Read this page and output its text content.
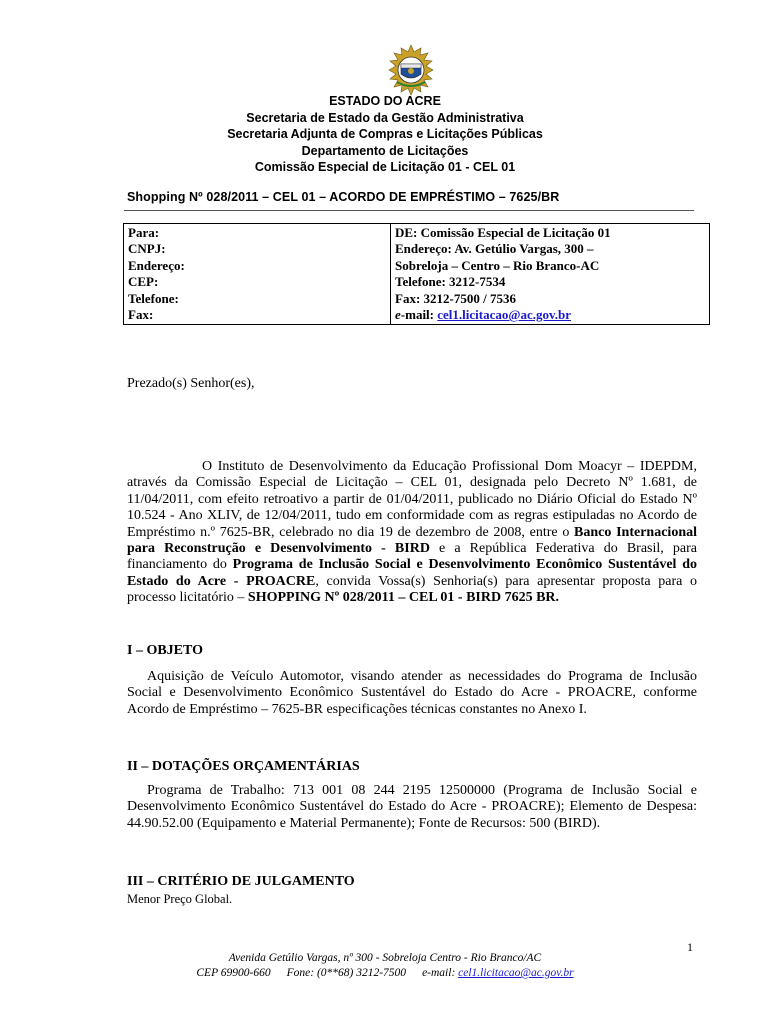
ESTADO DO ACRE
Secretaria de Estado da Gestão Administrativa
Secretaria Adjunta de Compras e Licitações Públicas
Departamento de Licitações
Comissão Especial de Licitação 01 - CEL 01
Shopping Nº 028/2011 – CEL 01 – ACORDO DE EMPRÉSTIMO – 7625/BR
Para:
CNPJ:
Endereço:
CEP:
Telefone:
Fax:
DE: Comissão Especial de Licitação 01
Endereço: Av. Getúlio Vargas, 300 –
Sobreloja – Centro – Rio Branco-AC
Telefone: 3212-7534
Fax: 3212-7500 / 7536
e-mail: cel1.licitacao@ac.gov.br
Prezado(s) Senhor(es),
O Instituto de Desenvolvimento da Educação Profissional Dom Moacyr – IDEPDM, através da Comissão Especial de Licitação – CEL 01, designada pelo Decreto Nº 1.681, de 11/04/2011, com efeito retroativo a partir de 01/04/2011, publicado no Diário Oficial do Estado Nº 10.524 - Ano XLIV, de 12/04/2011, tudo em conformidade com as regras estipuladas no Acordo de Empréstimo n.º 7625-BR, celebrado no dia 19 de dezembro de 2008, entre o Banco Internacional para Reconstrução e Desenvolvimento - BIRD e a República Federativa do Brasil, para financiamento do Programa de Inclusão Social e Desenvolvimento Econômico Sustentável do Estado do Acre - PROACRE, convida Vossa(s) Senhoria(s) para apresentar proposta para o processo licitatório – SHOPPING Nº 028/2011 – CEL 01 - BIRD 7625 BR.
I – OBJETO
Aquisição de Veículo Automotor, visando atender as necessidades do Programa de Inclusão Social e Desenvolvimento Econômico Sustentável do Estado do Acre - PROACRE, conforme Acordo de Empréstimo – 7625-BR especificações técnicas constantes no Anexo I.
II – DOTAÇÕES ORÇAMENTÁRIAS
Programa de Trabalho: 713 001 08 244 2195 12500000 (Programa de Inclusão Social e Desenvolvimento Econômico Sustentável do Estado do Acre - PROACRE); Elemento de Despesa: 44.90.52.00 (Equipamento e Material Permanente); Fonte de Recursos: 500 (BIRD).
III – CRITÉRIO DE JULGAMENTO
Menor Preço Global.
1
Avenida Getúlio Vargas, nº 300 - Sobreloja Centro - Rio Branco/AC
CEP 69900-660 Fone: (0**68) 3212-7500 e-mail: cel1.licitacao@ac.gov.br
